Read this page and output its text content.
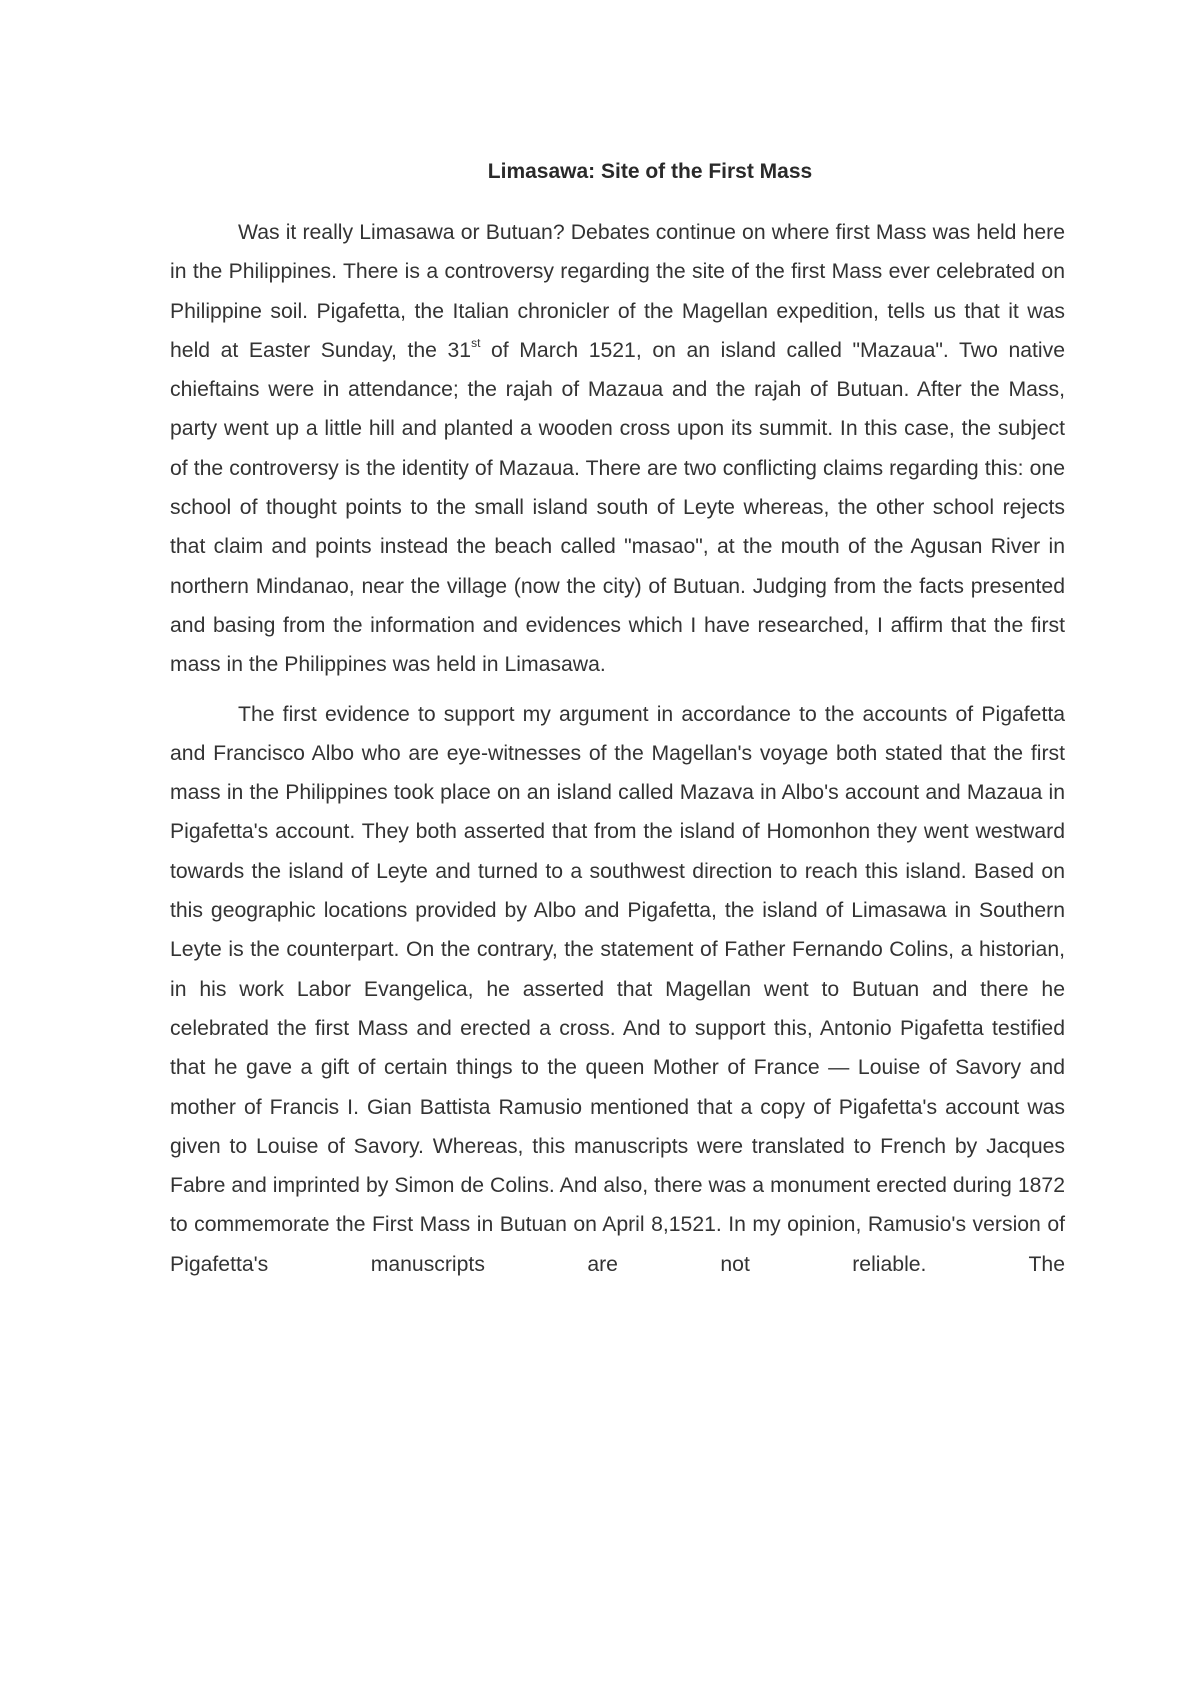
Limasawa: Site of the First Mass

Was it really Limasawa or Butuan? Debates continue on where first Mass was held here in the Philippines. There is a controversy regarding the site of the first Mass ever celebrated on Philippine soil. Pigafetta, the Italian chronicler of the Magellan expedition, tells us that it was held at Easter Sunday, the 31st of March 1521, on an island called "Mazaua". Two native chieftains were in attendance; the rajah of Mazaua and the rajah of Butuan. After the Mass, party went up a little hill and planted a wooden cross upon its summit. In this case, the subject of the controversy is the identity of Mazaua. There are two conflicting claims regarding this: one school of thought points to the small island south of Leyte whereas, the other school rejects that claim and points instead the beach called "masao", at the mouth of the Agusan River in northern Mindanao, near the village (now the city) of Butuan. Judging from the facts presented and basing from the information and evidences which I have researched, I affirm that the first mass in the Philippines was held in Limasawa.

The first evidence to support my argument in accordance to the accounts of Pigafetta and Francisco Albo who are eye-witnesses of the Magellan's voyage both stated that the first mass in the Philippines took place on an island called Mazava in Albo's account and Mazaua in Pigafetta's account. They both asserted that from the island of Homonhon they went westward towards the island of Leyte and turned to a southwest direction to reach this island. Based on this geographic locations provided by Albo and Pigafetta, the island of Limasawa in Southern Leyte is the counterpart. On the contrary, the statement of Father Fernando Colins, a historian, in his work Labor Evangelica, he asserted that Magellan went to Butuan and there he celebrated the first Mass and erected a cross. And to support this, Antonio Pigafetta testified that he gave a gift of certain things to the queen Mother of France — Louise of Savory and mother of Francis I. Gian Battista Ramusio mentioned that a copy of Pigafetta's account was given to Louise of Savory. Whereas, this manuscripts were translated to French by Jacques Fabre and imprinted by Simon de Colins. And also, there was a monument erected during 1872 to commemorate the First Mass in Butuan on April 8,1521. In my opinion, Ramusio's version of Pigafetta's manuscripts are not reliable. The
